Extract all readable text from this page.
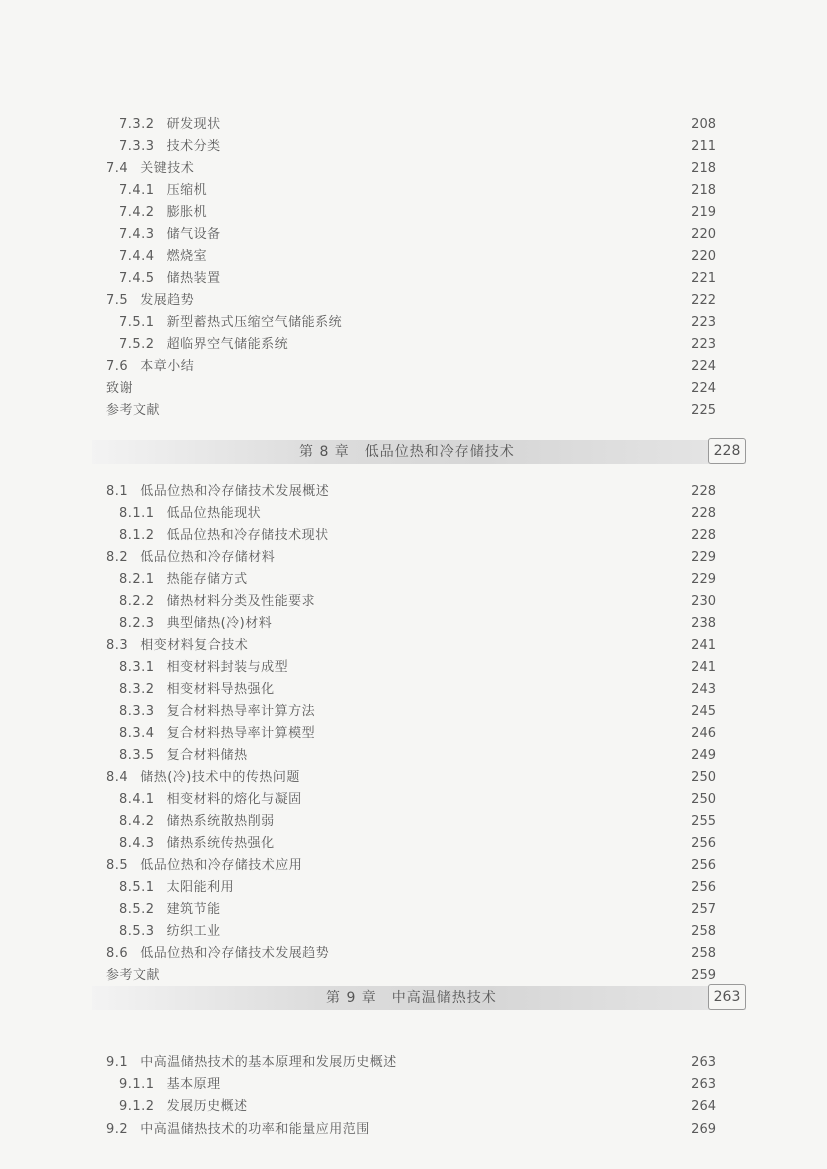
7.3.2 研发现状	208
7.3.3 技术分类	211
7.4 关键技术	218
7.4.1 压缩机	218
7.4.2 膨胀机	219
7.4.3 储气设备	220
7.4.4 燃烧室	220
7.4.5 储热装置	221
7.5 发展趋势	222
7.5.1 新型蓄热式压缩空气储能系统	223
7.5.2 超临界空气储能系统	223
7.6 本章小结	224
致谢	224
参考文献	225
第 8 章　低品位热和冷存储技术	228
8.1 低品位热和冷存储技术发展概述	228
8.1.1 低品位热能现状	228
8.1.2 低品位热和冷存储技术现状	228
8.2 低品位热和冷存储材料	229
8.2.1 热能存储方式	229
8.2.2 储热材料分类及性能要求	230
8.2.3 典型储热(冷)材料	238
8.3 相变材料复合技术	241
8.3.1 相变材料封装与成型	241
8.3.2 相变材料导热强化	243
8.3.3 复合材料热导率计算方法	245
8.3.4 复合材料热导率计算模型	246
8.3.5 复合材料储热	249
8.4 储热(冷)技术中的传热问题	250
8.4.1 相变材料的熔化与凝固	250
8.4.2 储热系统散热削弱	255
8.4.3 储热系统传热强化	256
8.5 低品位热和冷存储技术应用	256
8.5.1 太阳能利用	256
8.5.2 建筑节能	257
8.5.3 纺织工业	258
8.6 低品位热和冷存储技术发展趋势	258
参考文献	259
第 9 章　中高温储热技术	263
9.1 中高温储热技术的基本原理和发展历史概述	263
9.1.1 基本原理	263
9.1.2 发展历史概述	264
9.2 中高温储热技术的功率和能量应用范围	269
